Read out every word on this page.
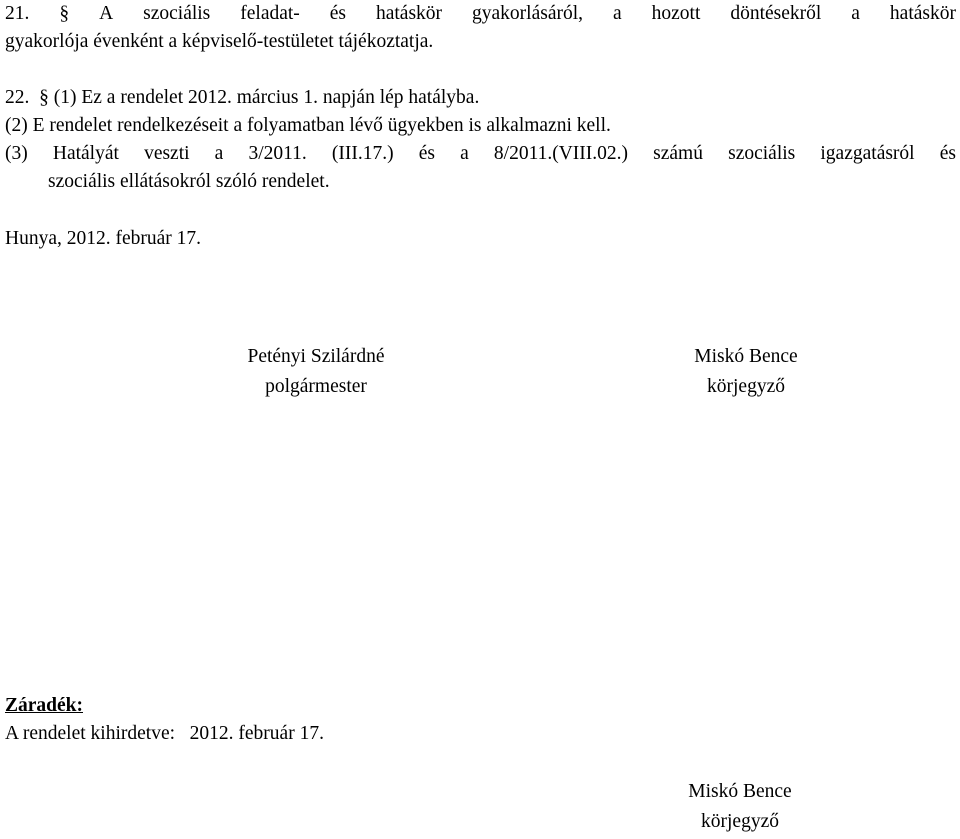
21. § A szociális feladat- és hatáskör gyakorlásáról, a hozott döntésekről a hatáskör
gyakorlója évenként a képviselő-testületet tájékoztatja.
22.  § (1) Ez a rendelet 2012. március 1. napján lép hatályba.
(2) E rendelet rendelkezéseit a folyamatban lévő ügyekben is alkalmazni kell.
(3) Hatályát veszti a 3/2011. (III.17.) és a 8/2011.(VIII.02.) számú szociális igazgatásról és
szociális ellátásokról szóló rendelet.
Hunya, 2012. február 17.
Petényi Szilárdné
polgármester
Miskó Bence
körjegyző
Záradék:
A rendelet kihirdetve:   2012. február 17.
Miskó Bence
körjegyző
